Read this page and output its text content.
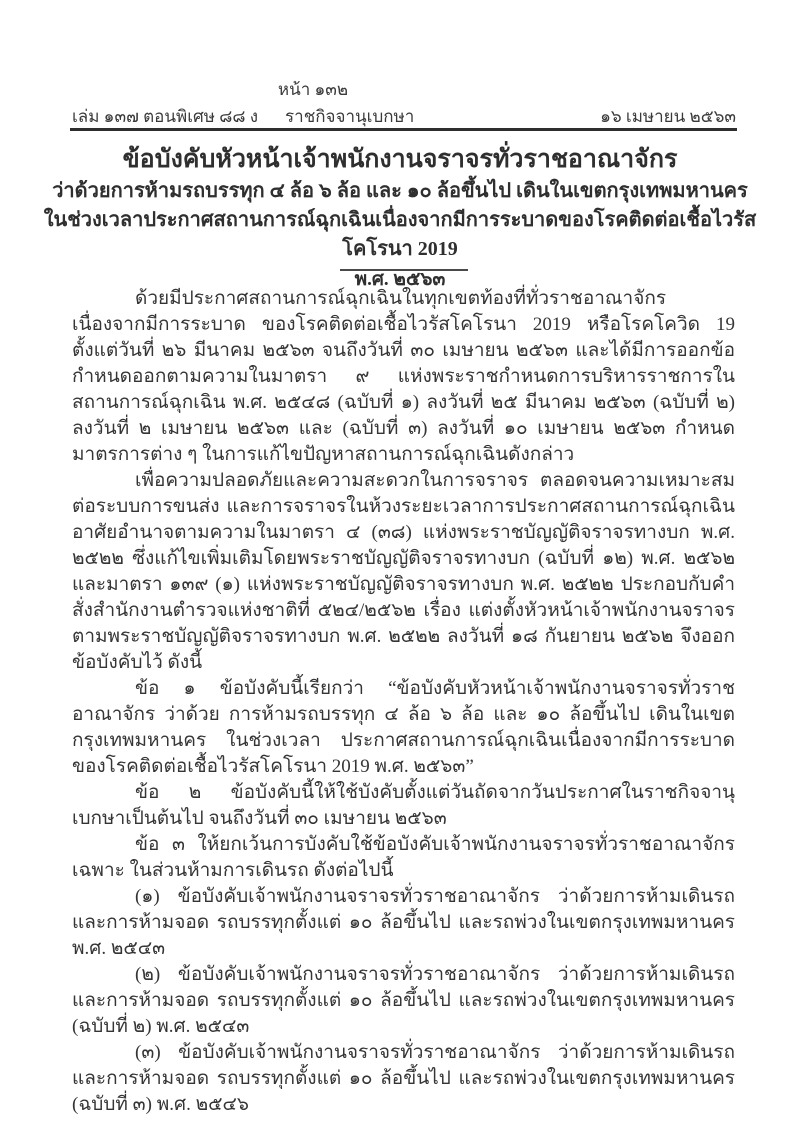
หน้า ๑๓๒
เล่ม ๑๓๗ ตอนพิเศษ ๘๘ ง ราชกิจจานุเบกษา	๑๖ เมษายน ๒๕๖๓
ข้อบังคับหัวหน้าเจ้าพนักงานจราจรทั่วราชอาณาจักร
ว่าด้วยการห้ามรถบรรทุก ๔ ล้อ ๖ ล้อ และ ๑๐ ล้อขึ้นไป เดินในเขตกรุงเทพมหานคร
ในช่วงเวลาประกาศสถานการณ์ฉุกเฉินเนื่องจากมีการระบาดของโรคติดต่อเชื้อไวรัสโคโรนา 2019
พ.ศ. ๒๕๖๓

ด้วยมีประกาศสถานการณ์ฉุกเฉินในทุกเขตท้องที่ทั่วราชอาณาจักร เนื่องจากมีการระบาด ของโรคติดต่อเชื้อไวรัสโคโรนา 2019 หรือโรคโควิด 19 ตั้งแต่วันที่ ๒๖ มีนาคม ๒๕๖๓ จนถึงวันที่ ๓๐ เมษายน ๒๕๖๓ และได้มีการออกข้อกำหนดออกตามความในมาตรา ๙ แห่งพระราชกำหนดการบริหารราชการในสถานการณ์ฉุกเฉิน พ.ศ. ๒๕๔๘ (ฉบับที่ ๑) ลงวันที่ ๒๕ มีนาคม ๒๕๖๓ (ฉบับที่ ๒) ลงวันที่ ๒ เมษายน ๒๕๖๓ และ (ฉบับที่ ๓) ลงวันที่ ๑๐ เมษายน ๒๕๖๓ กำหนดมาตรการต่าง ๆ ในการแก้ไขปัญหาสถานการณ์ฉุกเฉินดังกล่าว

เพื่อความปลอดภัยและความสะดวกในการจราจร ตลอดจนความเหมาะสมต่อระบบการขนส่ง และการจราจรในห้วงระยะเวลาการประกาศสถานการณ์ฉุกเฉิน อาศัยอำนาจตามความในมาตรา ๔ (๓๘) แห่งพระราชบัญญัติจราจรทางบก พ.ศ. ๒๕๒๒ ซึ่งแก้ไขเพิ่มเติมโดยพระราชบัญญัติจราจรทางบก (ฉบับที่ ๑๒) พ.ศ. ๒๕๖๒ และมาตรา ๑๓๙ (๑) แห่งพระราชบัญญัติจราจรทางบก พ.ศ. ๒๕๒๒ ประกอบกับคำสั่งสำนักงานตำรวจแห่งชาติที่ ๕๒๔/๒๕๖๒ เรื่อง แต่งตั้งหัวหน้าเจ้าพนักงานจราจร ตามพระราชบัญญัติจราจรทางบก พ.ศ. ๒๕๒๒ ลงวันที่ ๑๘ กันยายน ๒๕๖๒ จึงออกข้อบังคับไว้ ดังนี้

ข้อ ๑ ข้อบังคับนี้เรียกว่า “ข้อบังคับหัวหน้าเจ้าพนักงานจราจรทั่วราชอาณาจักร ว่าด้วย การห้ามรถบรรทุก ๔ ล้อ ๖ ล้อ และ ๑๐ ล้อขึ้นไป เดินในเขตกรุงเทพมหานคร ในช่วงเวลา ประกาศสถานการณ์ฉุกเฉินเนื่องจากมีการระบาดของโรคติดต่อเชื้อไวรัสโคโรนา 2019 พ.ศ. ๒๕๖๓”

ข้อ ๒ ข้อบังคับนี้ให้ใช้บังคับตั้งแต่วันถัดจากวันประกาศในราชกิจจานุเบกษาเป็นต้นไป จนถึงวันที่ ๓๐ เมษายน ๒๕๖๓

ข้อ ๓ ให้ยกเว้นการบังคับใช้ข้อบังคับเจ้าพนักงานจราจรทั่วราชอาณาจักร เฉพาะ ในส่วนห้ามการเดินรถ ดังต่อไปนี้

(๑) ข้อบังคับเจ้าพนักงานจราจรทั่วราชอาณาจักร ว่าด้วยการห้ามเดินรถ และการห้ามจอด รถบรรทุกตั้งแต่ ๑๐ ล้อขึ้นไป และรถพ่วงในเขตกรุงเทพมหานคร พ.ศ. ๒๕๔๓

(๒) ข้อบังคับเจ้าพนักงานจราจรทั่วราชอาณาจักร ว่าด้วยการห้ามเดินรถ และการห้ามจอด รถบรรทุกตั้งแต่ ๑๐ ล้อขึ้นไป และรถพ่วงในเขตกรุงเทพมหานคร (ฉบับที่ ๒) พ.ศ. ๒๕๔๓

(๓) ข้อบังคับเจ้าพนักงานจราจรทั่วราชอาณาจักร ว่าด้วยการห้ามเดินรถ และการห้ามจอด รถบรรทุกตั้งแต่ ๑๐ ล้อขึ้นไป และรถพ่วงในเขตกรุงเทพมหานคร (ฉบับที่ ๓) พ.ศ. ๒๕๔๖
